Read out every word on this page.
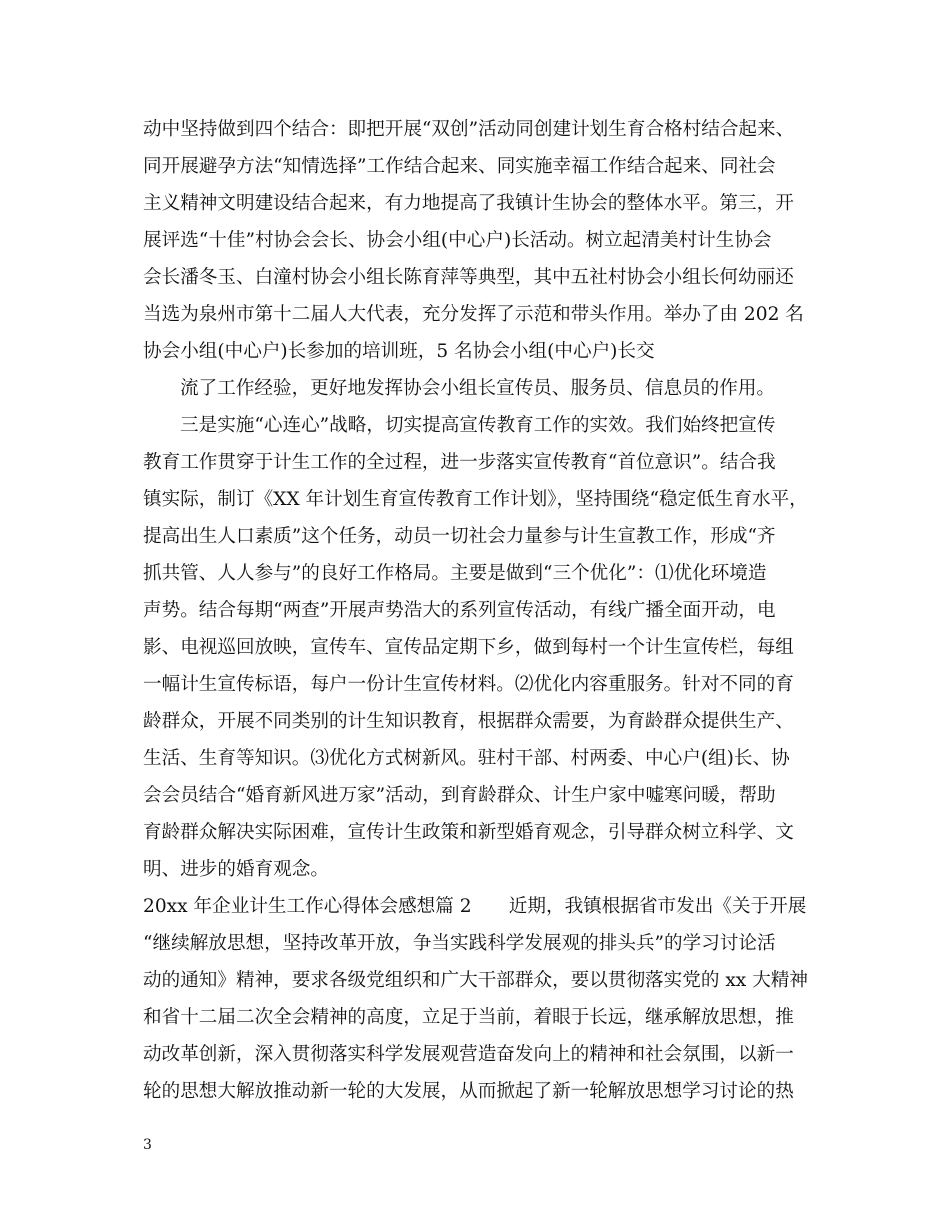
动中坚持做到四个结合：即把开展“双创”活动同创建计划生育合格村结合起来、
同开展避孕方法“知情选择”工作结合起来、同实施幸福工作结合起来、同社会
主义精神文明建设结合起来，有力地提高了我镇计生协会的整体水平。第三，开
展评选“十佳”村协会会长、协会小组(中心户)长活动。树立起清美村计生协会
会长潘冬玉、白潼村协会小组长陈育萍等典型，其中五社村协会小组长何幼丽还
当选为泉州市第十二届人大代表，充分发挥了示范和带头作用。举办了由 202 名
协会小组(中心户)长参加的培训班，5 名协会小组(中心户)长交
流了工作经验，更好地发挥协会小组长宣传员、服务员、信息员的作用。
三是实施“心连心”战略，切实提高宣传教育工作的实效。我们始终把宣传
教育工作贯穿于计生工作的全过程，进一步落实宣传教育“首位意识”。结合我
镇实际，制订《XX 年计划生育宣传教育工作计划》，坚持围绕“稳定低生育水平，
提高出生人口素质”这个任务，动员一切社会力量参与计生宣教工作，形成“齐
抓共管、人人参与”的良好工作格局。主要是做到“三个优化”：⑴优化环境造
声势。结合每期“两查”开展声势浩大的系列宣传活动，有线广播全面开动，电
影、电视巡回放映，宣传车、宣传品定期下乡，做到每村一个计生宣传栏，每组
一幅计生宣传标语，每户一份计生宣传材料。⑵优化内容重服务。针对不同的育
龄群众，开展不同类别的计生知识教育，根据群众需要，为育龄群众提供生产、
生活、生育等知识。⑶优化方式树新风。驻村干部、村两委、中心户(组)长、协
会会员结合“婚育新风进万家”活动，到育龄群众、计生户家中嘘寒问暖，帮助
育龄群众解决实际困难，宣传计生政策和新型婚育观念，引导群众树立科学、文
明、进步的婚育观念。
20xx 年企业计生工作心得体会感想篇 2　　近期，我镇根据省市发出《关于开展
“继续解放思想，坚持改革开放，争当实践科学发展观的排头兵”的学习讨论活
动的通知》精神，要求各级党组织和广大干部群众，要以贯彻落实党的 xx 大精神
和省十二届二次全会精神的高度，立足于当前，着眼于长远，继承解放思想，推
动改革创新，深入贯彻落实科学发展观营造奋发向上的精神和社会氛围，以新一
轮的思想大解放推动新一轮的大发展，从而掀起了新一轮解放思想学习讨论的热
3
